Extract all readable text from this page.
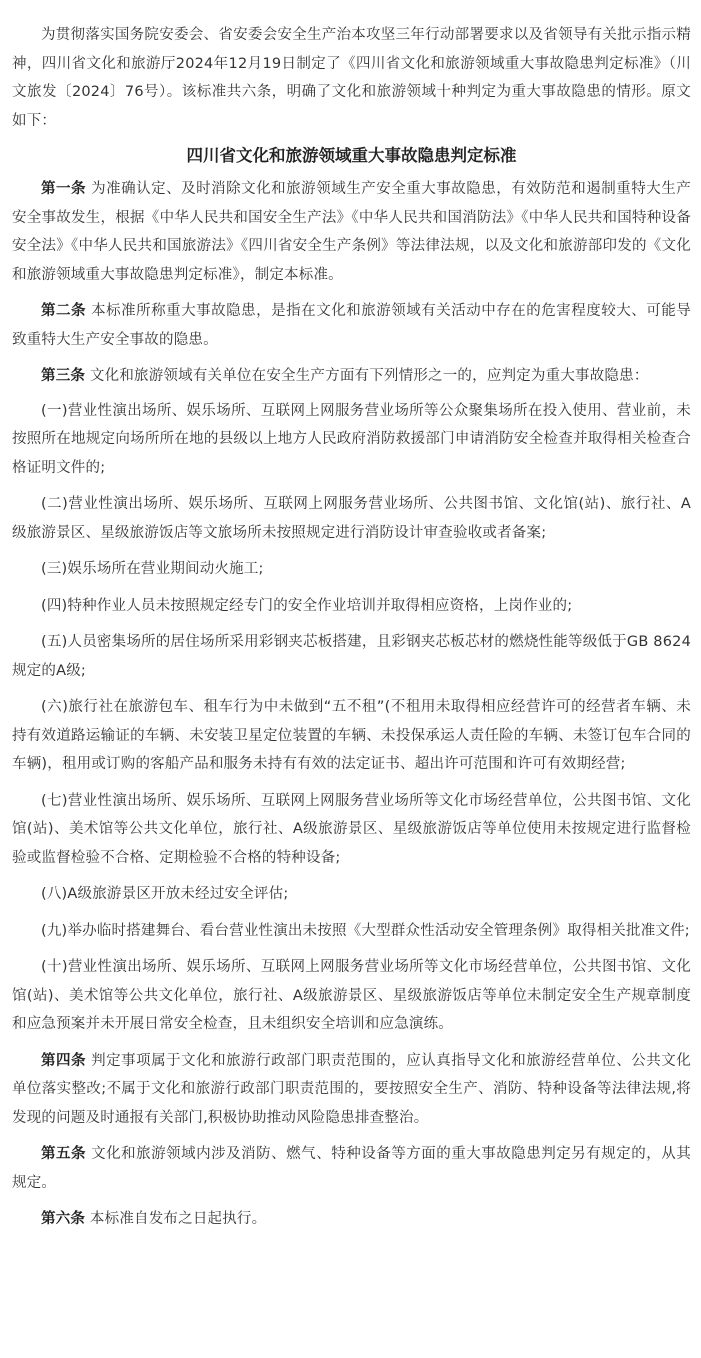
为贯彻落实国务院安委会、省安委会安全生产治本攻坚三年行动部署要求以及省领导有关批示指示精神，四川省文化和旅游厅2024年12月19日制定了《四川省文化和旅游领域重大事故隐患判定标准》（川文旅发〔2024〕76号）。该标准共六条，明确了文化和旅游领域十种判定为重大事故隐患的情形。原文如下：

四川省文化和旅游领域重大事故隐患判定标准

第一条 为准确认定、及时消除文化和旅游领域生产安全重大事故隐患，有效防范和遏制重特大生产安全事故发生，根据《中华人民共和国安全生产法》《中华人民共和国消防法》《中华人民共和国特种设备安全法》《中华人民共和国旅游法》《四川省安全生产条例》等法律法规，以及文化和旅游部印发的《文化和旅游领域重大事故隐患判定标准》，制定本标准。

第二条 本标准所称重大事故隐患，是指在文化和旅游领域有关活动中存在的危害程度较大、可能导致重特大生产安全事故的隐患。

第三条 文化和旅游领域有关单位在安全生产方面有下列情形之一的，应判定为重大事故隐患：

(一)营业性演出场所、娱乐场所、互联网上网服务营业场所等公众聚集场所在投入使用、营业前，未按照所在地规定向场所所在地的县级以上地方人民政府消防救援部门申请消防安全检查并取得相关检查合格证明文件的;

(二)营业性演出场所、娱乐场所、互联网上网服务营业场所、公共图书馆、文化馆(站)、旅行社、A级旅游景区、星级旅游饭店等文旅场所未按照规定进行消防设计审查验收或者备案;

(三)娱乐场所在营业期间动火施工;

(四)特种作业人员未按照规定经专门的安全作业培训并取得相应资格，上岗作业的;

(五)人员密集场所的居住场所采用彩钢夹芯板搭建，且彩钢夹芯板芯材的燃烧性能等级低于GB 8624规定的A级;

(六)旅行社在旅游包车、租车行为中未做到“五不租”(不租用未取得相应经营许可的经营者车辆、未持有效道路运输证的车辆、未安装卫星定位装置的车辆、未投保承运人责任险的车辆、未签订包车合同的车辆)，租用或订购的客船产品和服务未持有有效的法定证书、超出许可范围和许可有效期经营;

(七)营业性演出场所、娱乐场所、互联网上网服务营业场所等文化市场经营单位，公共图书馆、文化馆(站)、美术馆等公共文化单位，旅行社、A级旅游景区、星级旅游饭店等单位使用未按规定进行监督检验或监督检验不合格、定期检验不合格的特种设备;

(八)A级旅游景区开放未经过安全评估;

(九)举办临时搭建舞台、看台营业性演出未按照《大型群众性活动安全管理条例》取得相关批准文件;

(十)营业性演出场所、娱乐场所、互联网上网服务营业场所等文化市场经营单位，公共图书馆、文化馆(站)、美术馆等公共文化单位，旅行社、A级旅游景区、星级旅游饭店等单位未制定安全生产规章制度和应急预案并未开展日常安全检查，且未组织安全培训和应急演练。

第四条 判定事项属于文化和旅游行政部门职责范围的，应认真指导文化和旅游经营单位、公共文化单位落实整改;不属于文化和旅游行政部门职责范围的，要按照安全生产、消防、特种设备等法律法规,将发现的问题及时通报有关部门,积极协助推动风险隐患排查整治。

第五条 文化和旅游领域内涉及消防、燃气、特种设备等方面的重大事故隐患判定另有规定的，从其规定。

第六条 本标准自发布之日起执行。
